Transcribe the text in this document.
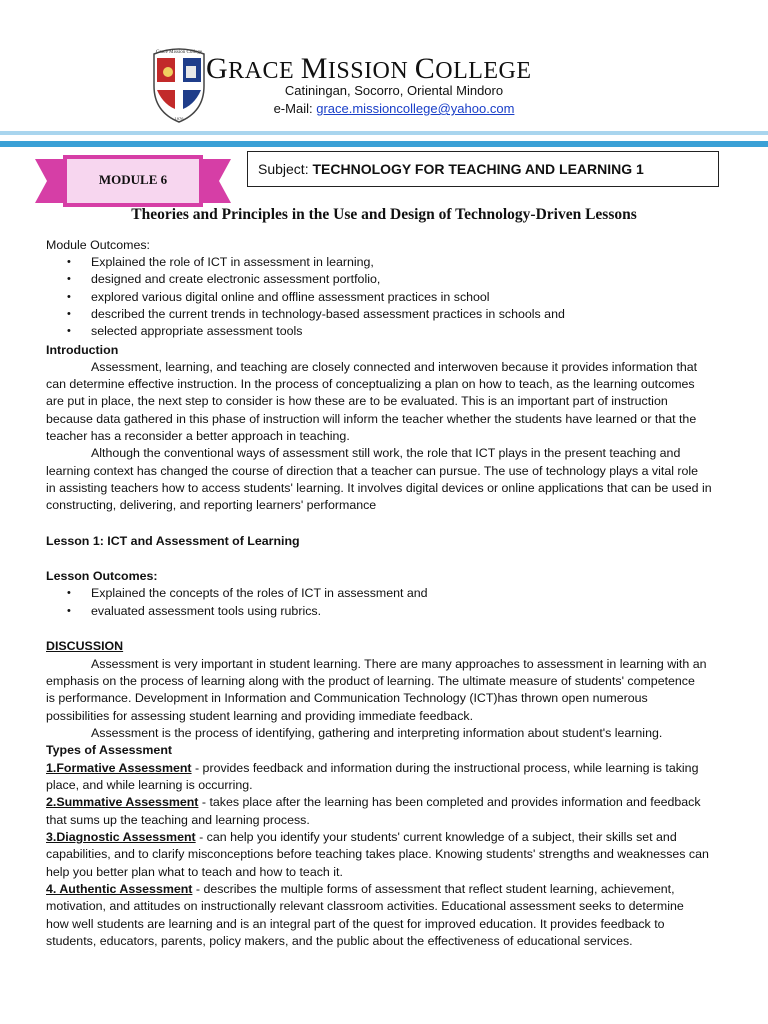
Grace Mission College
1976
GRACE MISSION COLLEGE
Catiningan, Socorro, Oriental Mindoro
e-Mail: grace.missioncollege@yahoo.com
MODULE 6
Subject: TECHNOLOGY FOR TEACHING AND LEARNING 1
Theories and Principles in the Use and Design of Technology-Driven Lessons
Module Outcomes:
• Explained the role of ICT in assessment in learning,
• designed and create electronic assessment portfolio,
• explored various digital online and offline assessment practices in school
• described the current trends in technology-based assessment practices in schools and
• selected appropriate assessment tools
Introduction
Assessment, learning, and teaching are closely connected and interwoven because it provides information that
can determine effective instruction. In the process of conceptualizing a plan on how to teach, as the learning outcomes
are put in place, the next step to consider is how these are to be evaluated. This is an important part of instruction
because data gathered in this phase of instruction will inform the teacher whether the students have learned or that the
teacher has a reconsider a better approach in teaching.
Although the conventional ways of assessment still work, the role that ICT plays in the present teaching and
learning context has changed the course of direction that a teacher can pursue. The use of technology plays a vital role
in assisting teachers how to access students' learning. It involves digital devices or online applications that can be used in
constructing, delivering, and reporting learners' performance
Lesson 1: ICT and Assessment of Learning
Lesson Outcomes:
• Explained the concepts of the roles of ICT in assessment and
• evaluated assessment tools using rubrics.
DISCUSSION
Assessment is very important in student learning. There are many approaches to assessment in learning with an
emphasis on the process of learning along with the product of learning. The ultimate measure of students' competence
is performance. Development in Information and Communication Technology (ICT)has thrown open numerous
possibilities for assessing student learning and providing immediate feedback.
Assessment is the process of identifying, gathering and interpreting information about student's learning.
Types of Assessment
1.Formative Assessment - provides feedback and information during the instructional process, while learning is taking
place, and while learning is occurring.
2.Summative Assessment - takes place after the learning has been completed and provides information and feedback
that sums up the teaching and learning process.
3.Diagnostic Assessment - can help you identify your students' current knowledge of a subject, their skills set and
capabilities, and to clarify misconceptions before teaching takes place. Knowing students' strengths and weaknesses can
help you better plan what to teach and how to teach it.
4. Authentic Assessment - describes the multiple forms of assessment that reflect student learning, achievement,
motivation, and attitudes on instructionally relevant classroom activities. Educational assessment seeks to determine
how well students are learning and is an integral part of the quest for improved education. It provides feedback to
students, educators, parents, policy makers, and the public about the effectiveness of educational services.
